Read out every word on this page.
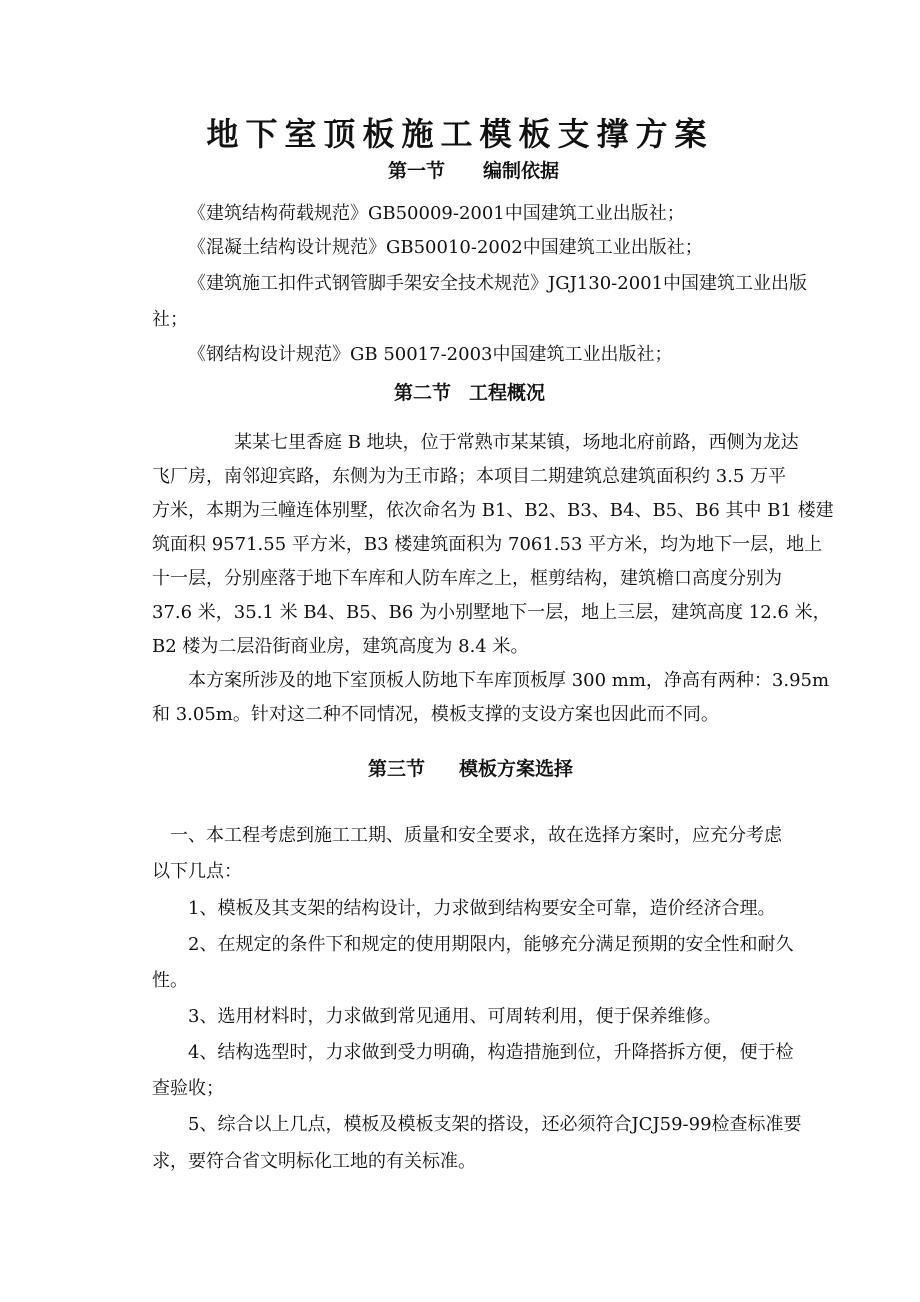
地下室顶板施工模板支撑方案
第一节 编制依据

《建筑结构荷载规范》GB50009-2001中国建筑工业出版社；

《混凝土结构设计规范》GB50010-2002中国建筑工业出版社；

《建筑施工扣件式钢管脚手架安全技术规范》JGJ130-2001中国建筑工业出版

社；

《钢结构设计规范》GB 50017-2003中国建筑工业出版社；

第二节 工程概况

某某七里香庭 B 地块，位于常熟市某某镇，场地北府前路，西侧为龙达

飞厂房，南邻迎宾路，东侧为为王市路；本项目二期建筑总建筑面积约 3.5 万平

方米，本期为三幢连体别墅，依次命名为 B1、B2、B3、B4、B5、B6 其中 B1 楼建

筑面积 9571.55 平方米，B3 楼建筑面积为 7061.53 平方米，均为地下一层，地上

十一层，分别座落于地下车库和人防车库之上，框剪结构，建筑檐口高度分别为

37.6 米，35.1 米 B4、B5、B6 为小别墅地下一层，地上三层，建筑高度 12.6 米，

B2 楼为二层沿街商业房，建筑高度为 8.4 米。

本方案所涉及的地下室顶板人防地下车库顶板厚 300 mm，净高有两种：3.95m

和 3.05m。针对这二种不同情况，模板支撑的支设方案也因此而不同。

第三节 模板方案选择

一、本工程考虑到施工工期、质量和安全要求，故在选择方案时，应充分考虑

以下几点：

1、模板及其支架的结构设计，力求做到结构要安全可靠，造价经济合理。

2、在规定的条件下和规定的使用期限内，能够充分满足预期的安全性和耐久

性。

3、选用材料时，力求做到常见通用、可周转利用，便于保养维修。

4、结构选型时，力求做到受力明确，构造措施到位，升降搭拆方便，便于检

查验收；

5、综合以上几点，模板及模板支架的搭设，还必须符合JCJ59-99检查标准要

求，要符合省文明标化工地的有关标准。
